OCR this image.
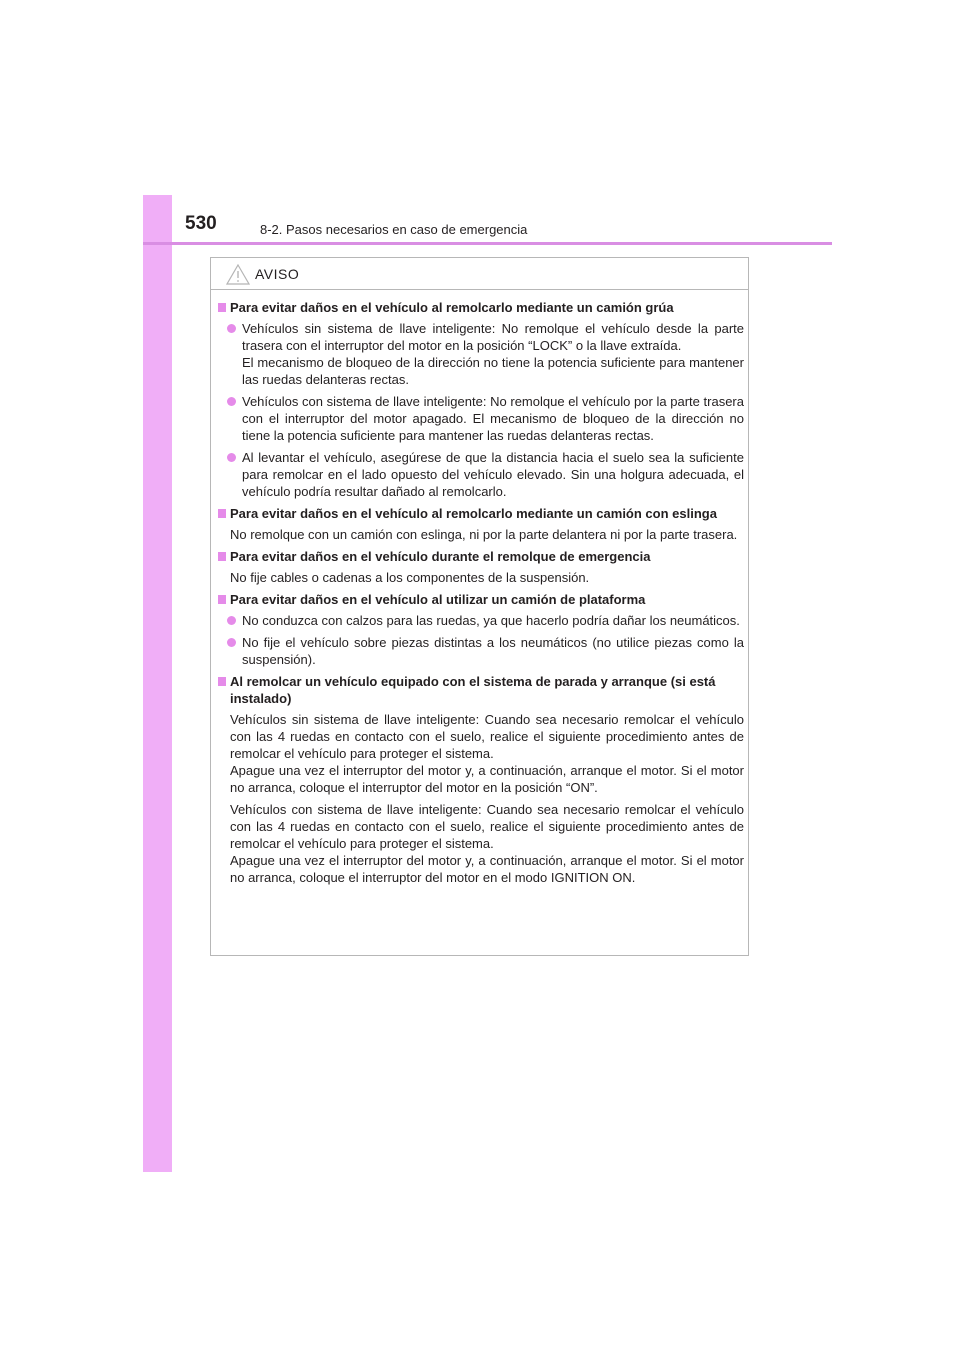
530	8-2. Pasos necesarios en caso de emergencia
AVISO
Para evitar daños en el vehículo al remolcarlo mediante un camión grúa
Vehículos sin sistema de llave inteligente: No remolque el vehículo desde la parte trasera con el interruptor del motor en la posición “LOCK” o la llave extraída.
El mecanismo de bloqueo de la dirección no tiene la potencia suficiente para mantener las ruedas delanteras rectas.
Vehículos con sistema de llave inteligente: No remolque el vehículo por la parte trasera con el interruptor del motor apagado. El mecanismo de bloqueo de la dirección no tiene la potencia suficiente para mantener las ruedas delanteras rectas.
Al levantar el vehículo, asegúrese de que la distancia hacia el suelo sea la suficiente para remolcar en el lado opuesto del vehículo elevado. Sin una holgura adecuada, el vehículo podría resultar dañado al remolcarlo.
Para evitar daños en el vehículo al remolcarlo mediante un camión con eslinga
No remolque con un camión con eslinga, ni por la parte delantera ni por la parte trasera.
Para evitar daños en el vehículo durante el remolque de emergencia
No fije cables o cadenas a los componentes de la suspensión.
Para evitar daños en el vehículo al utilizar un camión de plataforma
No conduzca con calzos para las ruedas, ya que hacerlo podría dañar los neumáticos.
No fije el vehículo sobre piezas distintas a los neumáticos (no utilice piezas como la suspensión).
Al remolcar un vehículo equipado con el sistema de parada y arranque (si está instalado)
Vehículos sin sistema de llave inteligente: Cuando sea necesario remolcar el vehículo con las 4 ruedas en contacto con el suelo, realice el siguiente procedimiento antes de remolcar el vehículo para proteger el sistema.
Apague una vez el interruptor del motor y, a continuación, arranque el motor. Si el motor no arranca, coloque el interruptor del motor en la posición “ON”.
Vehículos con sistema de llave inteligente: Cuando sea necesario remolcar el vehículo con las 4 ruedas en contacto con el suelo, realice el siguiente procedimiento antes de remolcar el vehículo para proteger el sistema.
Apague una vez el interruptor del motor y, a continuación, arranque el motor. Si el motor no arranca, coloque el interruptor del motor en el modo IGNITION ON.
